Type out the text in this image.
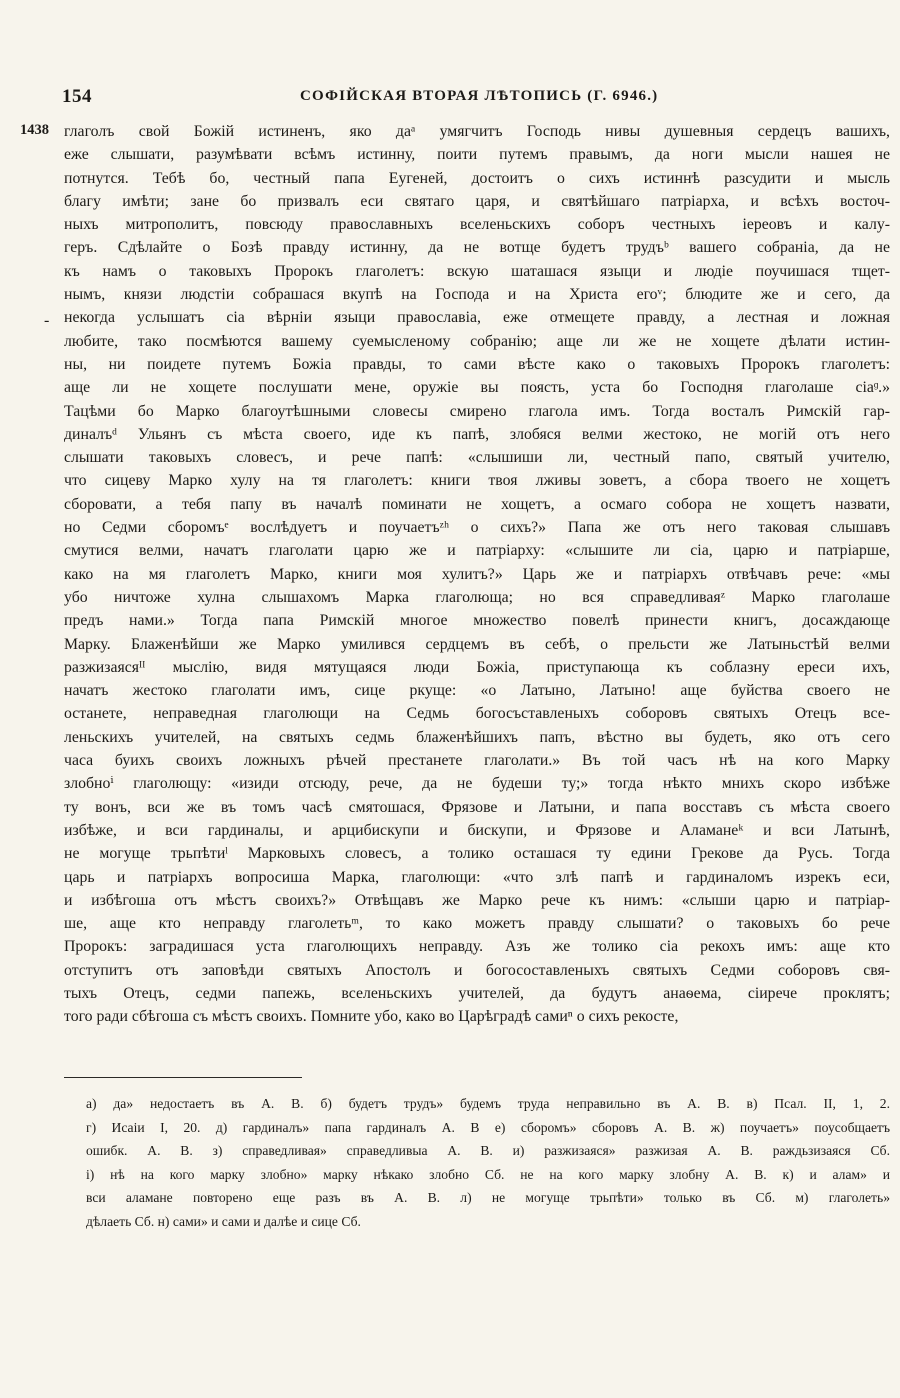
154	СОФІЙСКАЯ ВТОРАЯ ЛѢТОПИСЬ (Г. 6946.)
1438
-
глаголъ свой Божій истиненъ, яко даᵃ умягчитъ Господь нивы душевныя сердецъ вашихъ,
еже слышати, разумѣвати всѣмъ истинну, поити путемъ правымъ, да ноги мысли нашея не
потнутся. Тебѣ бо, честный папа Еугеней, достоитъ о сихъ истиннѣ разсудити и мысль
благу имѣти; зане бо призвалъ еси святаго царя, и святѣйшаго патріарха, и всѣхъ восточ-
ныхъ митрополитъ, повсюду православныхъ вселеньскихъ соборъ честныхъ іереовъ и калу-
геръ. Сдѣлайте о Бозѣ правду истинну, да не вотще будетъ трудъᵇ вашего собраніа, да не
къ намъ о таковыхъ Пророкъ глаголетъ: вскую шаташася языци и людіе поучишася тщет-
нымъ, князи людстіи собрашася вкупѣ на Господа и на Христа егоᵛ; блюдите же и сего, да
некогда услышатъ сіа вѣрніи языци православіа, еже отмещете правду, а лестная и ложная
любите, тако посмѣются вашему суемысленому собранію; аще ли же не хощете дѣлати истин-
ны, ни поидете путемъ Божіа правды, то сами вѣсте како о таковыхъ Пророкъ глаголетъ:
аще ли не хощете послушати мене, оружіе вы поясть, уста бо Господня глаголаше сіаᶢ.»
Тацѣми бо Марко благоутѣшными словесы смирено глагола имъ. Тогда восталъ Римскій гар-
диналъᵈ Ульянъ съ мѣста своего, иде къ папѣ, злобяся велми жестоко, не могій отъ него
слышати таковыхъ словесъ, и рече папѣ: «слышиши ли, честный папо, святый учителю,
что сицеву Марко хулу на тя глаголетъ: книги твоя лживы зоветъ, а сбора твоего не хощетъ
сборовати, а тебя папу въ началѣ поминати не хощетъ, а осмаго собора не хощетъ назвати,
но Седми сборомъᵉ вослѣдуетъ и поучаетъᶻʰ о сихъ?» Папа же отъ него таковая слышавъ
смутися велми, начатъ глаголати царю же и патріарху: «слышите ли сіа, царю и патріарше,
како на мя глаголетъ Марко, книги моя хулитъ?» Царь же и патріархъ отвѣчавъ рече: «мы
убо ничтоже хулна слышахомъ Марка глаголюща; но вся справедливаяᶻ Марко глаголаше
предъ нами.» Тогда папа Римскій многое множество повелѣ принести книгъ, досаждающе
Марку. Блаженѣйши же Марко умилився сердцемъ въ себѣ, о прельсти же Латыньстѣй велми
разжизаясяᴵᴵ мыслію, видя мятущаяся люди Божіа, приступающа къ соблазну ереси ихъ,
начатъ жестоко глаголати имъ, сице ркуще: «о Латыно, Латыно! аще буйства своего не
останете, неправедная глаголющи на Седмь богосъставленыхъ соборовъ святыхъ Отецъ все-
леньскихъ учителей, на святыхъ седмь блаженѣйшихъ папъ, вѣстно вы будеть, яко отъ сего
часа буихъ своихъ ложныхъ рѣчей престанете глаголати.» Въ той часъ нѣ на кого Марку
злобноⁱ глаголющу: «изиди отсюду, рече, да не будеши ту;» тогда нѣкто мнихъ скоро избѣже
ту вонъ, вси же въ томъ часѣ смятошася, Фрязове и Латыни, и папа восставъ съ мѣста своего
избѣже, и вси гардиналы, и арцибискупи и бискупи, и Фрязове и Аламанеᵏ и вси Латынѣ,
не могуще трьпѣтиˡ Марковыхъ словесъ, а толико осташася ту едини Грекове да Русь. Тогда
царь и патріархъ вопросиша Марка, глаголющи: «что злѣ папѣ и гардиналомъ изрекъ еси,
и избѣгоша отъ мѣстъ своихъ?» Отвѣщавъ же Марко рече къ нимъ: «слыши царю и патріар-
ше, аще кто неправду глаголетьᵐ, то како можетъ правду слышати? о таковыхъ бо рече
Пророкъ: заградишася уста глаголющихъ неправду. Азъ же толико сіа рекохъ имъ: аще кто
отступитъ отъ заповѣди святыхъ Апостолъ и богосоставленыхъ святыхъ Седми соборовъ свя-
тыхъ Отецъ, седми папежь, вселеньскихъ учителей, да будутъ анаѳема, сіирече проклятъ;
того ради сбѣгоша съ мѣстъ своихъ. Помните убо, како во Царѣградѣ самиⁿ о сихъ рекосте,
а) да» недостаетъ въ А. В. б) будетъ трудъ» будемъ труда неправильно въ А. В. в) Псал. II, 1, 2.
г) Исаіи I, 20. д) гардиналъ» папа гардиналъ А. В е) сборомъ» сборовъ А. В. ж) поучаетъ» поусобщаетъ
ошибк. А. В. з) справедливая» справедливыа А. В. и) разжизаяся» разжизая А. В. раждьзизаяся Сб.
і) нѣ на кого марку злобно» марку нѣкако злобно Сб. не на кого марку злобну А. В. к) и алам» и
вси аламане повторено еще разъ въ А. В. л) не могуще трьпѣти» только въ Сб. м) глаголеть»
дѣлаеть Сб. н) сами» и сами и далѣе и сице Сб.
